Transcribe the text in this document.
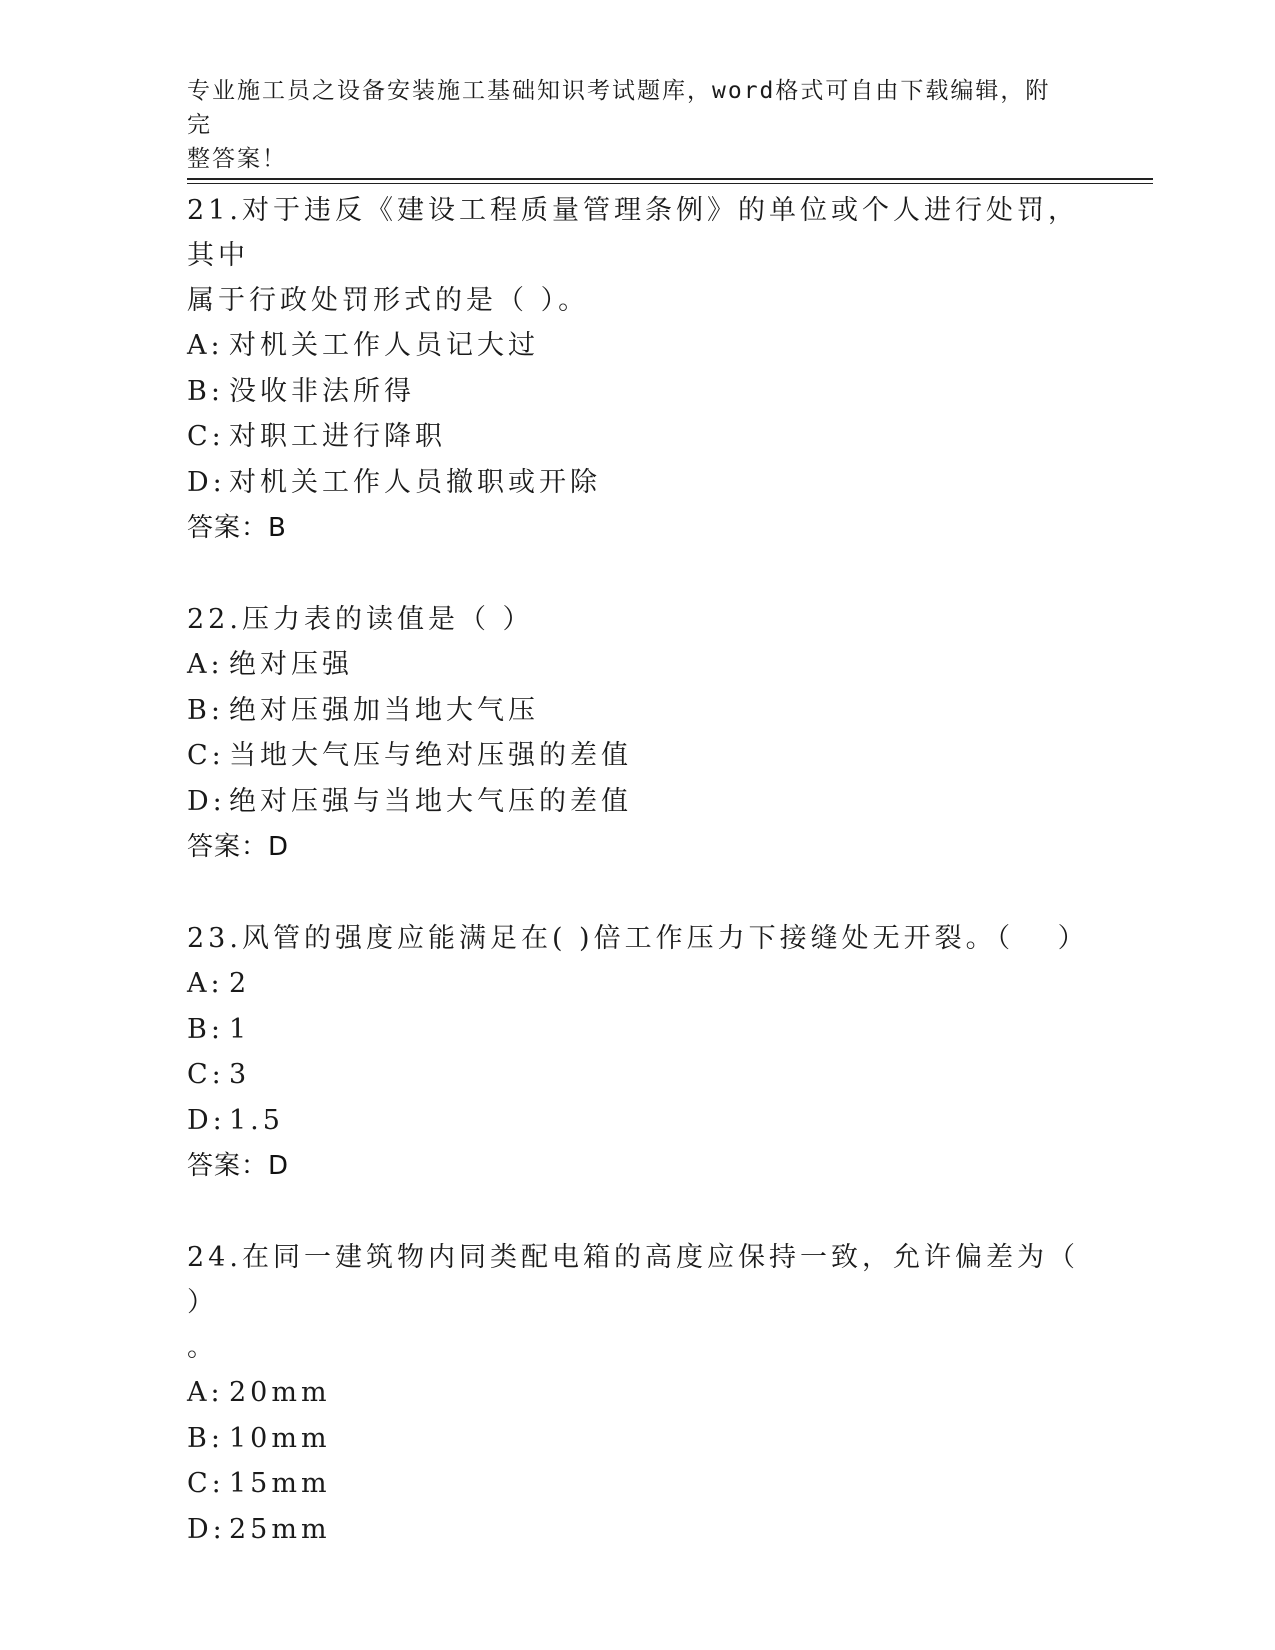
专业施工员之设备安装施工基础知识考试题库，word格式可自由下载编辑，附完
整答案！

21.对于违反《建设工程质量管理条例》的单位或个人进行处罚，其中

属于行政处罚形式的是（ ）。

A: 对机关工作人员记大过

B: 没收非法所得

C: 对职工进行降职

D: 对机关工作人员撤职或开除

答案：B

22.压力表的读值是（ ）

A: 绝对压强

B: 绝对压强加当地大气压

C: 当地大气压与绝对压强的差值

D: 绝对压强与当地大气压的差值

答案：D

23.风管的强度应能满足在( )倍工作压力下接缝处无开裂。（　 ）

A: 2

B: 1

C: 3

D: 1.5

答案：D

24.在同一建筑物内同类配电箱的高度应保持一致，允许偏差为（ ）

。

A: 20mm

B: 10mm

C: 15mm

D: 25mm
